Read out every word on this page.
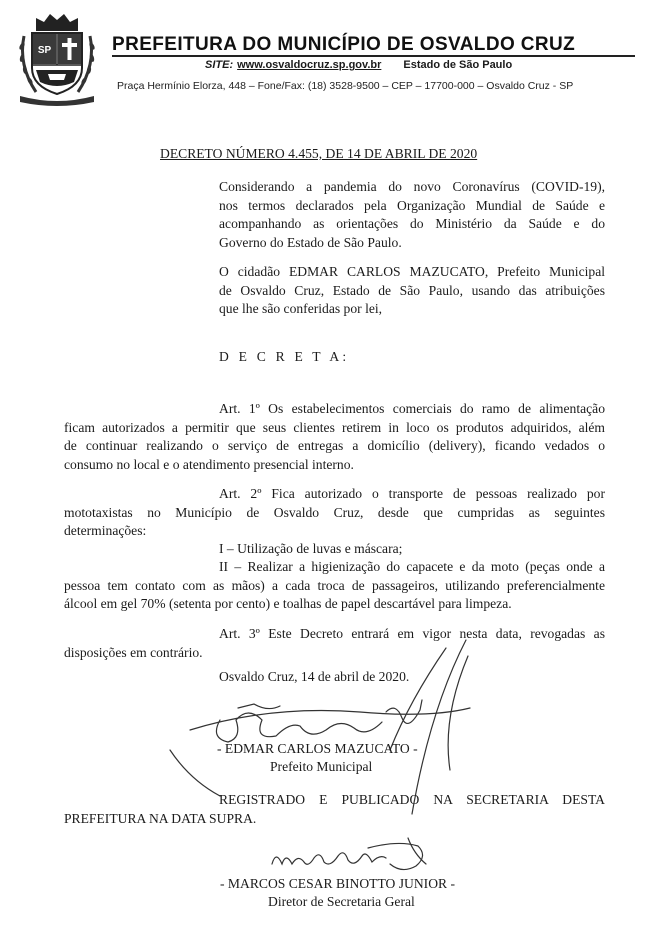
SP	PREFEITURA DO MUNICÍPIO DE OSVALDO CRUZ
SITE: www.osvaldocruz.sp.gov.br Estado de São Paulo
Praça Hermínio Elorza, 448 – Fone/Fax: (18) 3528-9500 – CEP – 17700-000 – Osvaldo Cruz - SP
DECRETO NÚMERO 4.455, DE 14 DE ABRIL DE 2020
Considerando a pandemia do novo Coronavírus (COVID-19),
nos termos declarados pela Organização Mundial de Saúde e
acompanhando as orientações do Ministério da Saúde e do
Governo do Estado de São Paulo.
O cidadão EDMAR CARLOS MAZUCATO, Prefeito Municipal
de Osvaldo Cruz, Estado de São Paulo, usando das atribuições
que lhe são conferidas por lei,
D E C R E T A:
Art. 1º Os estabelecimentos comerciais do ramo de alimentação
ficam autorizados a permitir que seus clientes retirem in loco os produtos adquiridos, além
de continuar realizando o serviço de entregas a domicílio (delivery), ficando vedados o
consumo no local e o atendimento presencial interno.
Art. 2º Fica autorizado o transporte de pessoas realizado por
mototaxistas no Município de Osvaldo Cruz, desde que cumpridas as seguintes
determinações:
I – Utilização de luvas e máscara;
II – Realizar a higienização do capacete e da moto (peças onde a
pessoa tem contato com as mãos) a cada troca de passageiros, utilizando preferencialmente
álcool em gel 70% (setenta por cento) e toalhas de papel descartável para limpeza.
Art. 3º Este Decreto entrará em vigor nesta data, revogadas as
disposições em contrário.
Osvaldo Cruz, 14 de abril de 2020.
- EDMAR CARLOS MAZUCATO -
Prefeito Municipal
REGISTRADO E PUBLICADO NA SECRETARIA DESTA
PREFEITURA NA DATA SUPRA.
- MARCOS CESAR BINOTTO JUNIOR -
Diretor de Secretaria Geral
